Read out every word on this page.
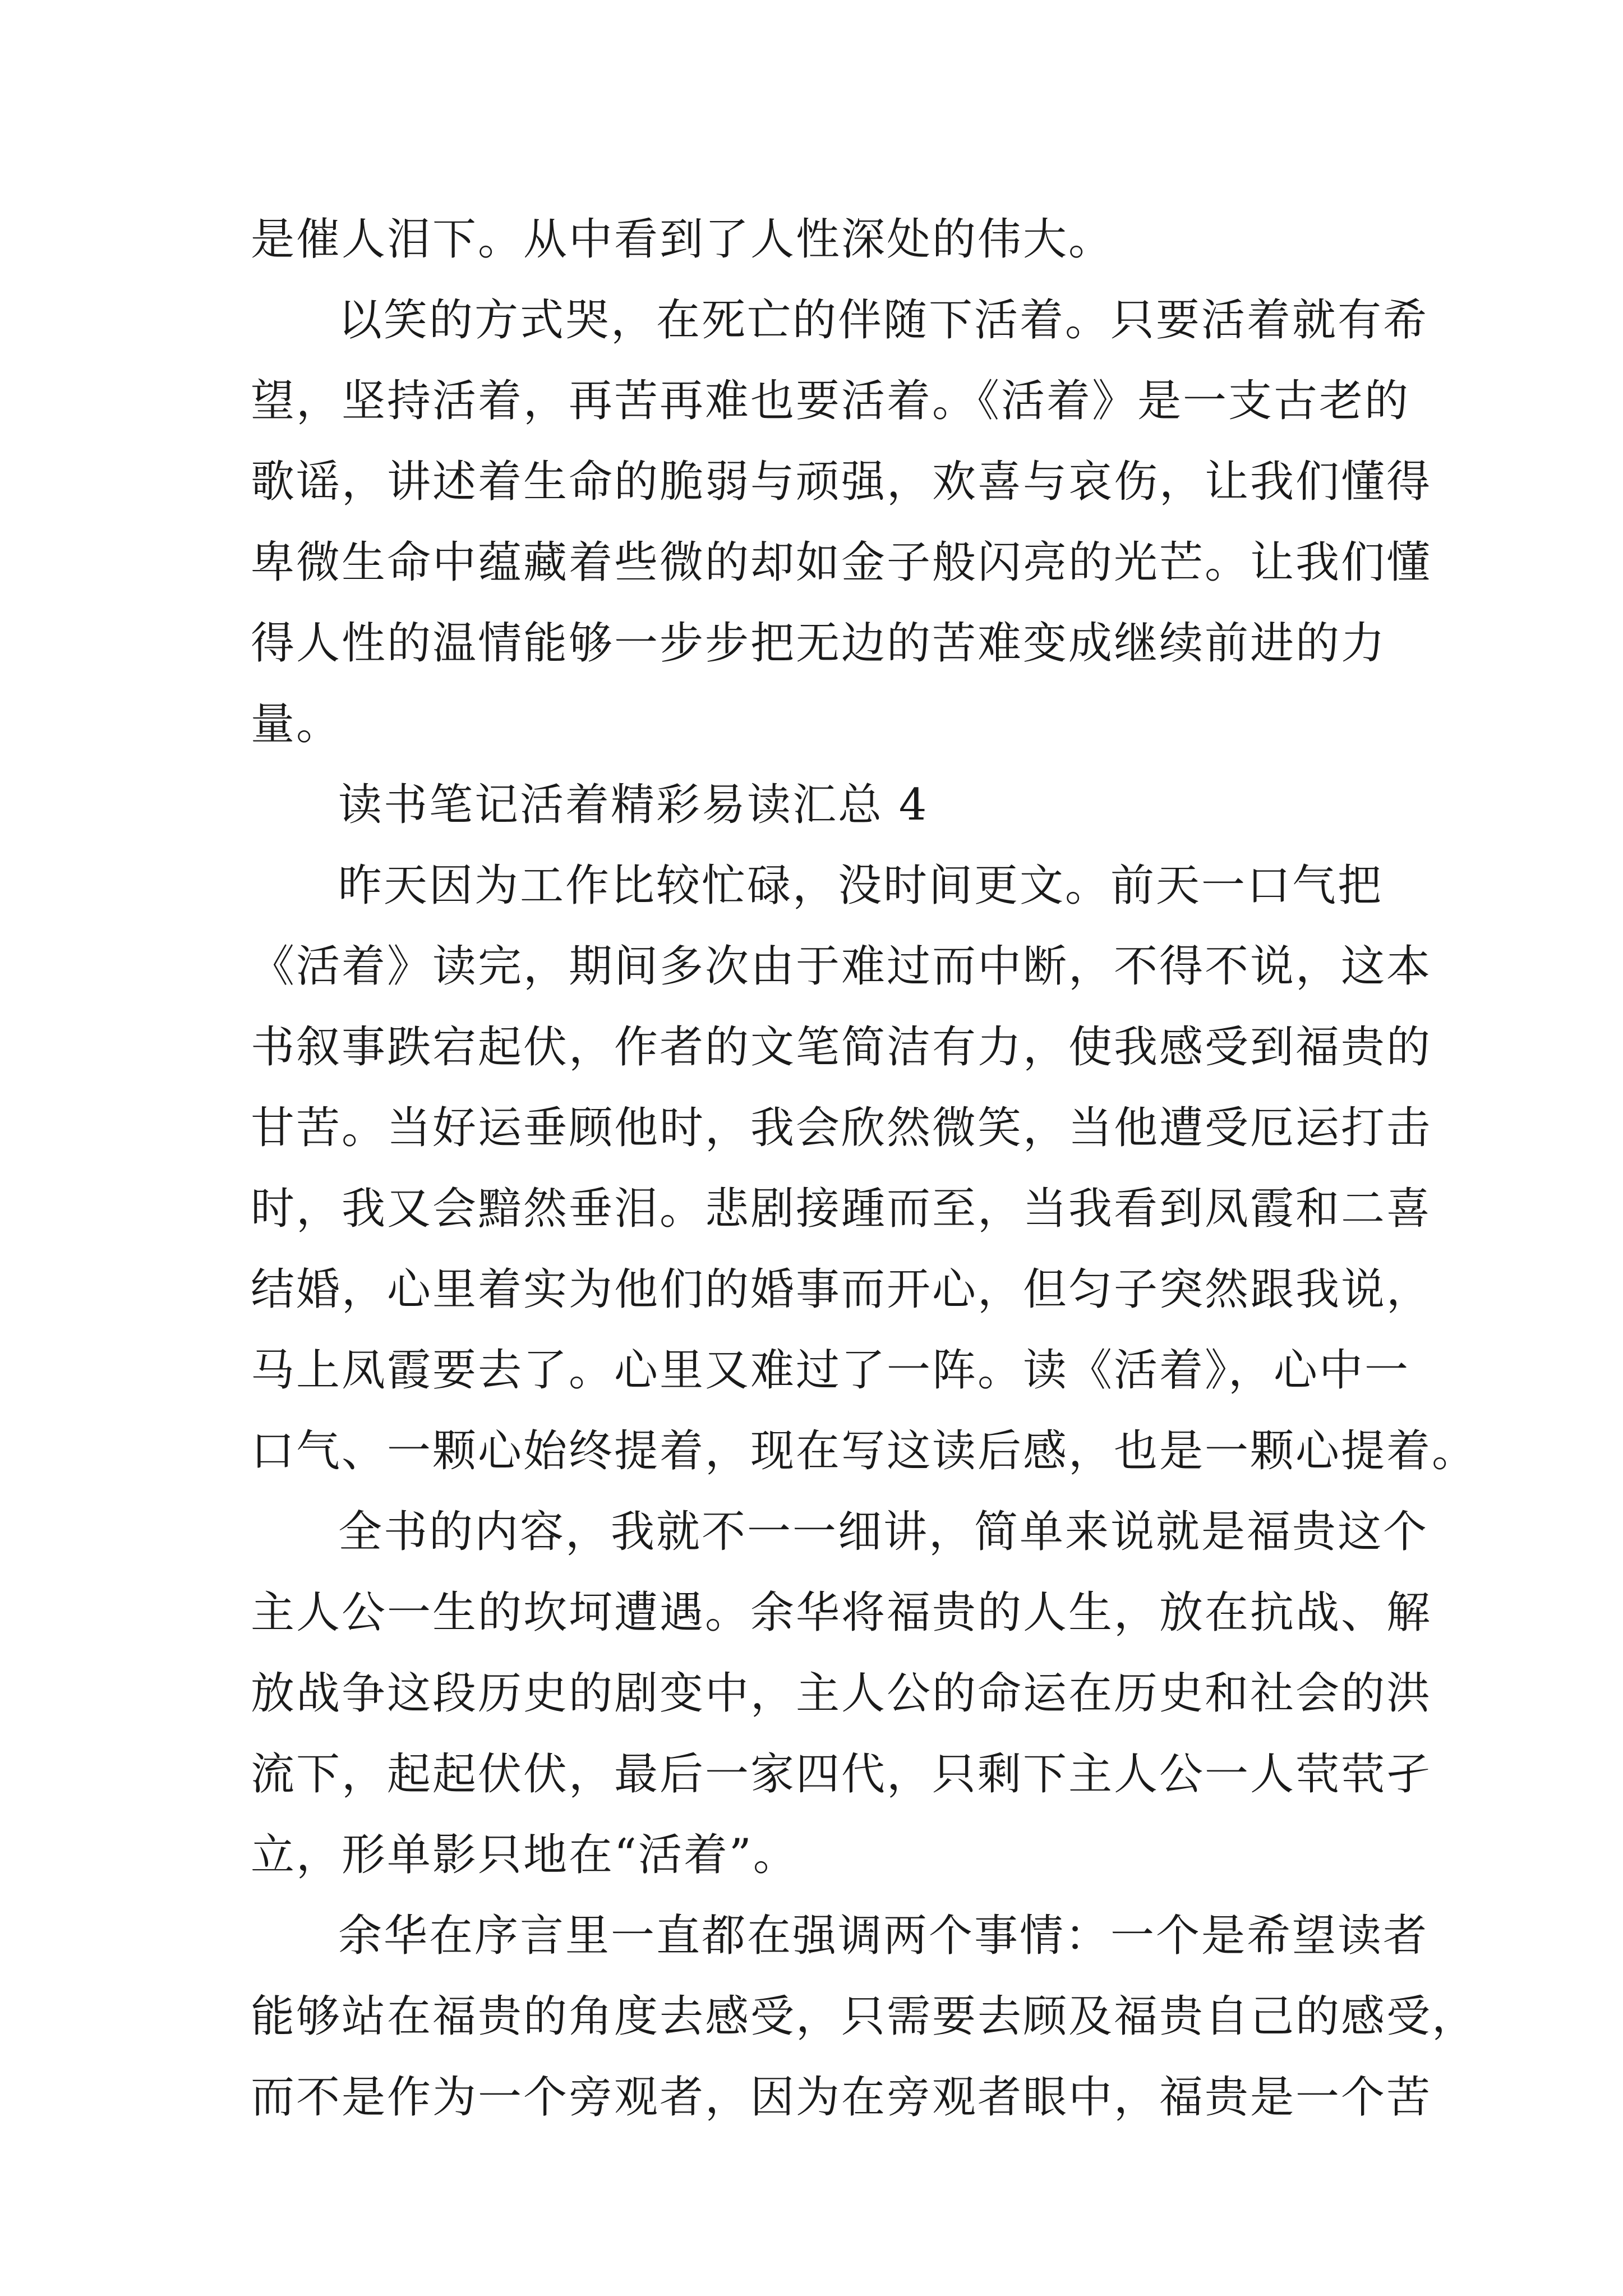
是催人泪下。从中看到了人性深处的伟大。

以笑的方式哭，在死亡的伴随下活着。只要活着就有希
望，坚持活着，再苦再难也要活着。《活着》是一支古老的
歌谣，讲述着生命的脆弱与顽强，欢喜与哀伤，让我们懂得
卑微生命中蕴藏着些微的却如金子般闪亮的光芒。让我们懂
得人性的温情能够一步步把无边的苦难变成继续前进的力
量。

读书笔记活着精彩易读汇总 4

昨天因为工作比较忙碌，没时间更文。前天一口气把
《活着》读完，期间多次由于难过而中断，不得不说，这本
书叙事跌宕起伏，作者的文笔简洁有力，使我感受到福贵的
甘苦。当好运垂顾他时，我会欣然微笑，当他遭受厄运打击
时，我又会黯然垂泪。悲剧接踵而至，当我看到凤霞和二喜
结婚，心里着实为他们的婚事而开心，但匀子突然跟我说，
马上凤霞要去了。心里又难过了一阵。读《活着》，心中一
口气、一颗心始终提着，现在写这读后感，也是一颗心提着。

全书的内容，我就不一一细讲，简单来说就是福贵这个
主人公一生的坎坷遭遇。余华将福贵的人生，放在抗战、解
放战争这段历史的剧变中，主人公的命运在历史和社会的洪
流下，起起伏伏，最后一家四代，只剩下主人公一人茕茕孑
立，形单影只地在“活着”。

余华在序言里一直都在强调两个事情：一个是希望读者
能够站在福贵的角度去感受，只需要去顾及福贵自己的感受，
而不是作为一个旁观者，因为在旁观者眼中，福贵是一个苦
